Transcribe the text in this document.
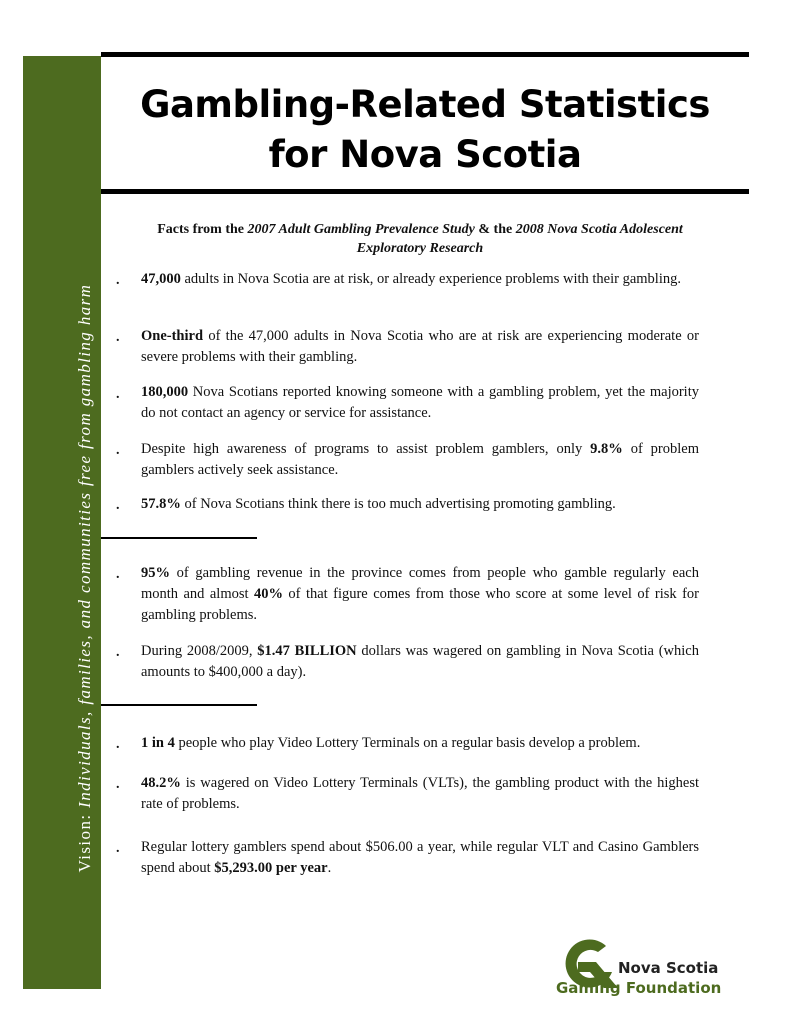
Vision: Individuals, families, and communities free from gambling harm
Gambling-Related Statistics
for Nova Scotia
Facts from the 2007 Adult Gambling Prevalence Study & the 2008 Nova Scotia Adolescent Exploratory Research
. 47,000 adults in Nova Scotia are at risk, or already experience problems with their gambling.
. One-third of the 47,000 adults in Nova Scotia who are at risk are experiencing moderate or severe problems with their gambling.
. 180,000 Nova Scotians reported knowing someone with a gambling problem, yet the majority do not contact an agency or service for assistance.
. Despite high awareness of programs to assist problem gamblers, only 9.8% of problem gamblers actively seek assistance.
. 57.8% of Nova Scotians think there is too much advertising promoting gambling.
. 95% of gambling revenue in the province comes from people who gamble regularly each month and almost 40% of that figure comes from those who score at some level of risk for gambling problems.
. During 2008/2009, $1.47 BILLION dollars was wagered on gambling in Nova Scotia (which amounts to $400,000 a day).
. 1 in 4 people who play Video Lottery Terminals on a regular basis develop a problem.
. 48.2% is wagered on Video Lottery Terminals (VLTs), the gambling product with the highest rate of problems.
. Regular lottery gamblers spend about $506.00 a year, while regular VLT and Casino Gamblers spend about $5,293.00 per year.
Nova Scotia
Gaming Foundation
